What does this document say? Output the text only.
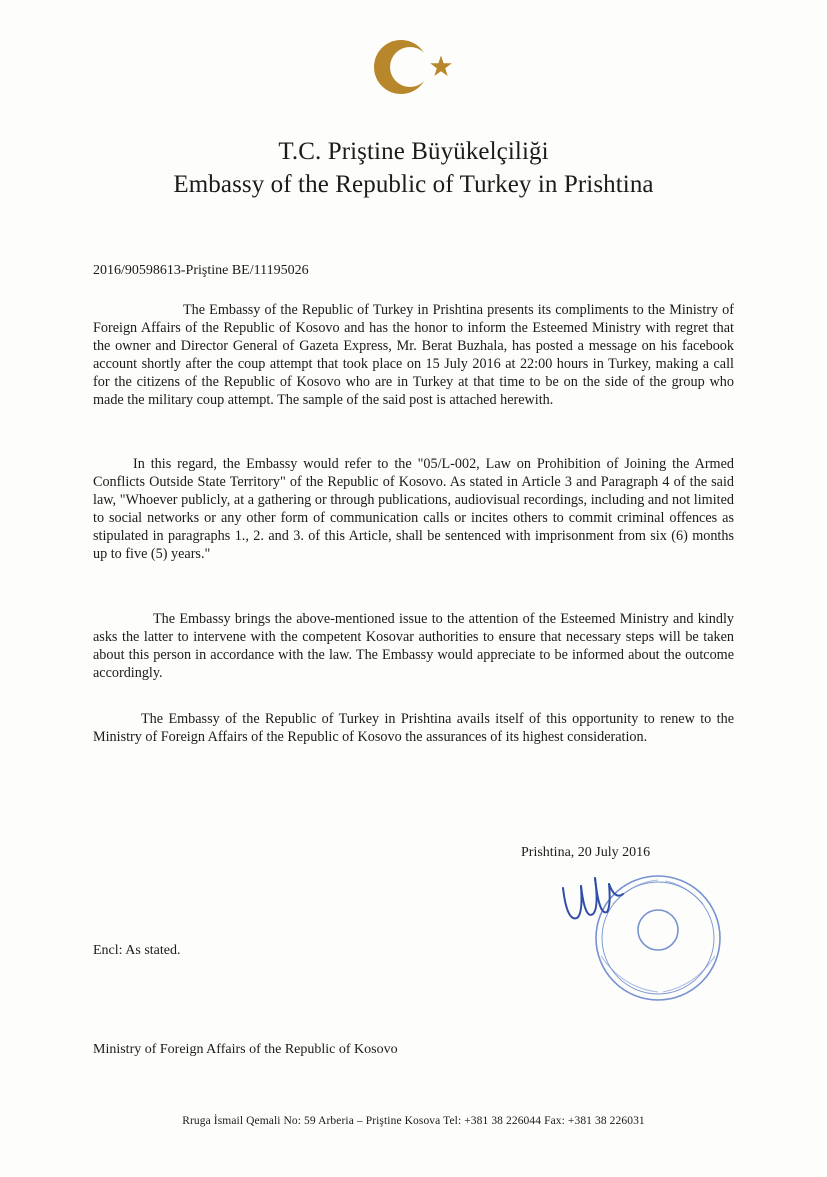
T.C. Priştine Büyükelçiliği
Embassy of the Republic of Turkey in Prishtina
2016/90598613-Priştine BE/11195026

The Embassy of the Republic of Turkey in Prishtina presents its compliments to the Ministry of Foreign Affairs of the Republic of Kosovo and has the honor to inform the Esteemed Ministry with regret that the owner and Director General of Gazeta Express, Mr. Berat Buzhala, has posted a message on his facebook account shortly after the coup attempt that took place on 15 July 2016 at 22:00 hours in Turkey, making a call for the citizens of the Republic of Kosovo who are in Turkey at that time to be on the side of the group who made the military coup attempt. The sample of the said post is attached herewith.

In this regard, the Embassy would refer to the "05/L-002, Law on Prohibition of Joining the Armed Conflicts Outside State Territory" of the Republic of Kosovo. As stated in Article 3 and Paragraph 4 of the said law, "Whoever publicly, at a gathering or through publications, audiovisual recordings, including and not limited to social networks or any other form of communication calls or incites others to commit criminal offences as stipulated in paragraphs 1., 2. and 3. of this Article, shall be sentenced with imprisonment from six (6) months up to five (5) years."

The Embassy brings the above-mentioned issue to the attention of the Esteemed Ministry and kindly asks the latter to intervene with the competent Kosovar authorities to ensure that necessary steps will be taken about this person in accordance with the law. The Embassy would appreciate to be informed about the outcome accordingly.

The Embassy of the Republic of Turkey in Prishtina avails itself of this opportunity to renew to the Ministry of Foreign Affairs of the Republic of Kosovo the assurances of its highest consideration.

Prishtina, 20 July 2016
Encl: As stated.
Ministry of Foreign Affairs of the Republic of Kosovo
Rruga İsmail Qemali No: 59 Arberia – Priştine Kosova Tel: +381 38 226044 Fax: +381 38 226031
